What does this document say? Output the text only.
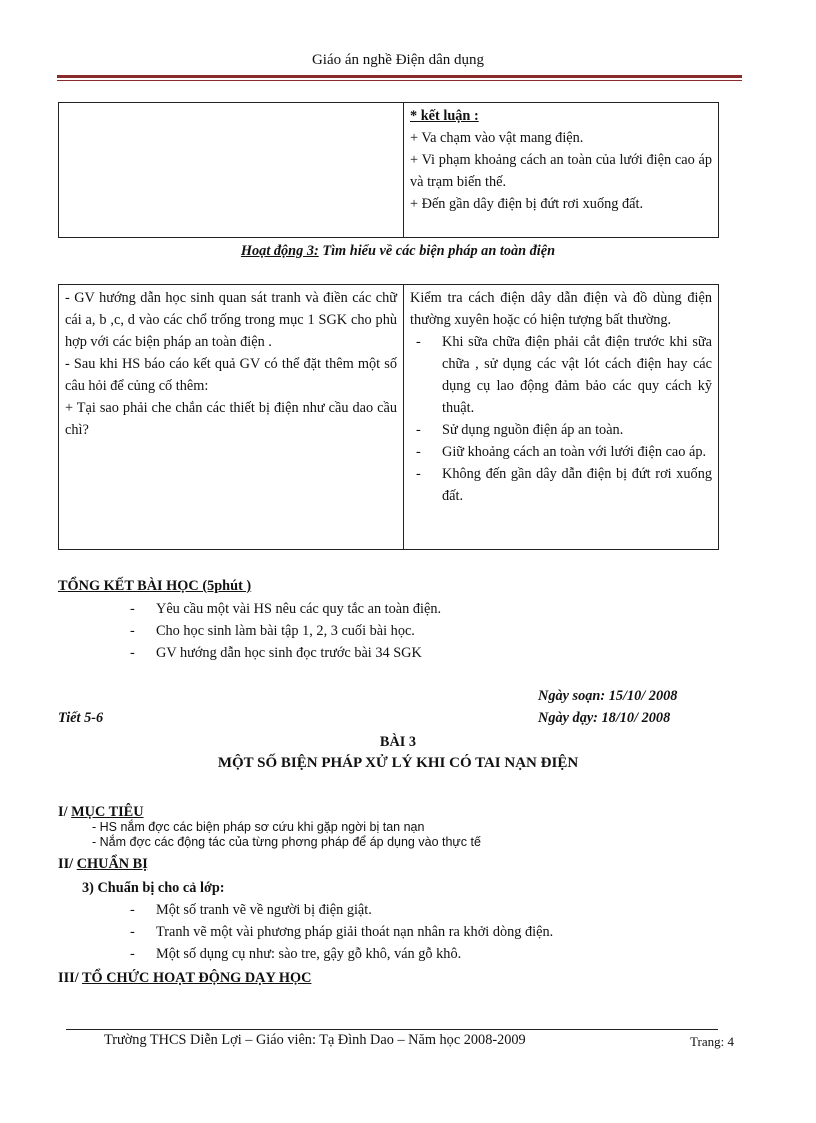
Giáo án nghề Điện dân dụng

* kết luận :
+ Va chạm vào vật mang điện.
+ Vi phạm khoảng cách an toàn của lưới điện cao áp và trạm biến thế.
+ Đến gần dây điện bị đứt rơi xuống đất.
Hoạt động 3: Tìm hiểu về các biện pháp an toàn điện
- GV hướng dẫn học sinh quan sát tranh và điền các chữ cái a, b ,c, d vào các chổ trống trong mục 1 SGK cho phù hợp với các biện pháp an toàn điện .
- Sau khi HS báo cáo kết quả GV có thể đặt thêm một số câu hỏi để củng cố thêm:
+ Tại sao phải che chắn các thiết bị điện như cầu dao cầu chì?

Kiểm tra cách điện dây dẫn điện và đồ dùng điện thường xuyên hoặc có hiện tượng bất thường.
- Khi sữa chữa điện phải cắt điện trước khi sữa chữa , sử dụng các vật lót cách điện hay các dụng cụ lao động đảm bảo các quy cách kỹ thuật.
- Sử dụng nguồn điện áp an toàn.
- Giữ khoảng cách an toàn với lưới điện cao áp.
- Không đến gần dây dẫn điện bị đứt rơi xuống đất.
TỔNG KẾT BÀI HỌC (5phút )
- Yêu cầu một vài HS nêu các quy tắc an toàn điện.
- Cho học sinh làm bài tập 1, 2, 3 cuối bài học.
- GV hướng dẫn học sinh đọc trước bài 34 SGK
Ngày soạn: 15/10/ 2008
Tiết 5-6	Ngày dạy: 18/10/ 2008
BÀI 3
MỘT SỐ BIỆN PHÁP XỬ LÝ KHI CÓ TAI NẠN ĐIỆN
I/ MỤC TIÊU
- HS nắm đợc các biện pháp sơ cứu khi gặp ngời bị tan nạn
- Nắm đợc các động tác của từng phơng pháp để áp dụng vào thực tế
II/ CHUẨN BỊ
3) Chuẩn bị cho cả lớp:
- Một số tranh vẽ về người bị điện giật.
- Tranh vẽ một vài phương pháp giải thoát nạn nhân ra khởi dòng điện.
- Một số dụng cụ như: sào tre, gậy gỗ khô, ván gỗ khô.
III/ TỔ CHỨC HOẠT ĐỘNG DẠY HỌC
Trường THCS Diễn Lợi – Giáo viên: Tạ Đình Dao – Năm học 2008-2009	Trang: 4
